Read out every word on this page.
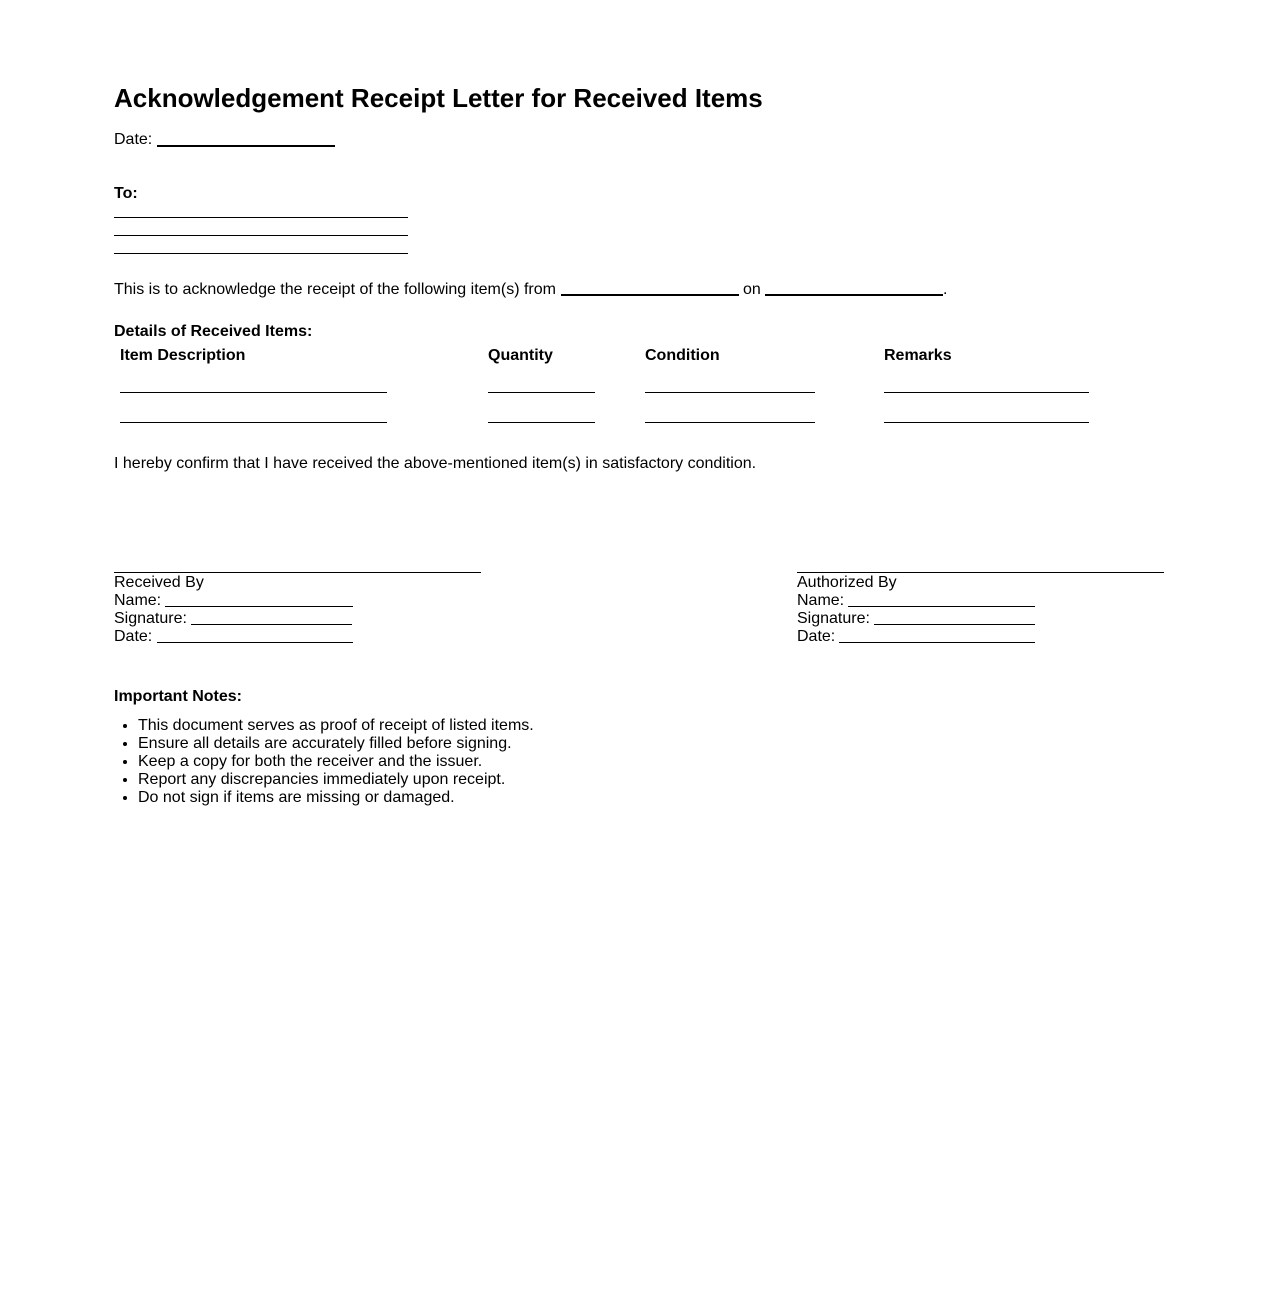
Acknowledgement Receipt Letter for Received Items
Date:
To:
This is to acknowledge the receipt of the following item(s) from	on	.
Details of Received Items:
Item Description	Quantity	Condition	Remarks
I hereby confirm that I have received the above-mentioned item(s) in satisfactory condition.
Received By
Name:
Signature:
Date:
Authorized By
Name:
Signature:
Date:
Important Notes:
• This document serves as proof of receipt of listed items.
• Ensure all details are accurately filled before signing.
• Keep a copy for both the receiver and the issuer.
• Report any discrepancies immediately upon receipt.
• Do not sign if items are missing or damaged.
